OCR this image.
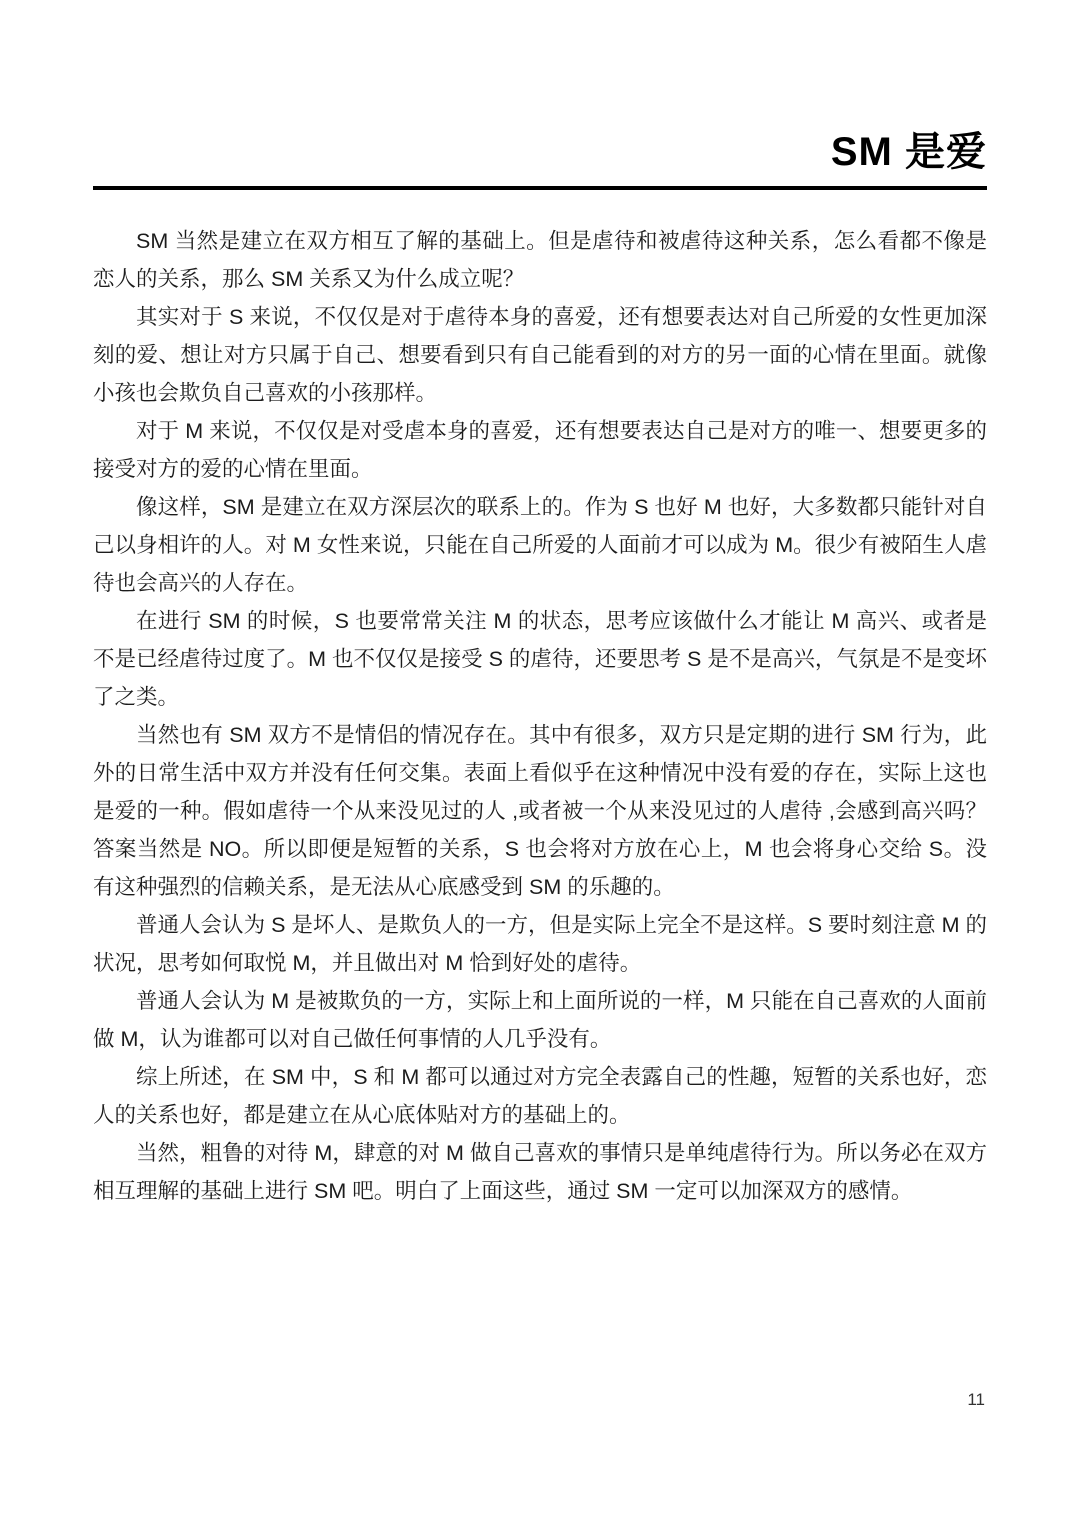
SM 是爱

SM 当然是建立在双方相互了解的基础上。但是虐待和被虐待这种关系，怎么看都不像是恋人的关系，那么 SM 关系又为什么成立呢？

其实对于 S 来说，不仅仅是对于虐待本身的喜爱，还有想要表达对自己所爱的女性更加深刻的爱、想让对方只属于自己、想要看到只有自己能看到的对方的另一面的心情在里面。就像小孩也会欺负自己喜欢的小孩那样。

对于 M 来说，不仅仅是对受虐本身的喜爱，还有想要表达自己是对方的唯一、想要更多的接受对方的爱的心情在里面。

像这样，SM 是建立在双方深层次的联系上的。作为 S 也好 M 也好，大多数都只能针对自己以身相许的人。对 M 女性来说，只能在自己所爱的人面前才可以成为 M。很少有被陌生人虐待也会高兴的人存在。

在进行 SM 的时候，S 也要常常关注 M 的状态，思考应该做什么才能让 M 高兴、或者是不是已经虐待过度了。M 也不仅仅是接受 S 的虐待，还要思考 S 是不是高兴，气氛是不是变坏了之类。

当然也有 SM 双方不是情侣的情况存在。其中有很多，双方只是定期的进行 SM 行为，此外的日常生活中双方并没有任何交集。表面上看似乎在这种情况中没有爱的存在，实际上这也是爱的一种。假如虐待一个从来没见过的人 ,或者被一个从来没见过的人虐待 ,会感到高兴吗？答案当然是 NO。所以即便是短暂的关系，S 也会将对方放在心上，M 也会将身心交给 S。没有这种强烈的信赖关系，是无法从心底感受到 SM 的乐趣的。

普通人会认为 S 是坏人、是欺负人的一方，但是实际上完全不是这样。S 要时刻注意 M 的状况，思考如何取悦 M，并且做出对 M 恰到好处的虐待。

普通人会认为 M 是被欺负的一方，实际上和上面所说的一样，M 只能在自己喜欢的人面前做 M，认为谁都可以对自己做任何事情的人几乎没有。

综上所述，在 SM 中，S 和 M 都可以通过对方完全表露自己的性趣，短暂的关系也好，恋人的关系也好，都是建立在从心底体贴对方的基础上的。

当然，粗鲁的对待 M，肆意的对 M 做自己喜欢的事情只是单纯虐待行为。所以务必在双方相互理解的基础上进行 SM 吧。明白了上面这些，通过 SM 一定可以加深双方的感情。

11
